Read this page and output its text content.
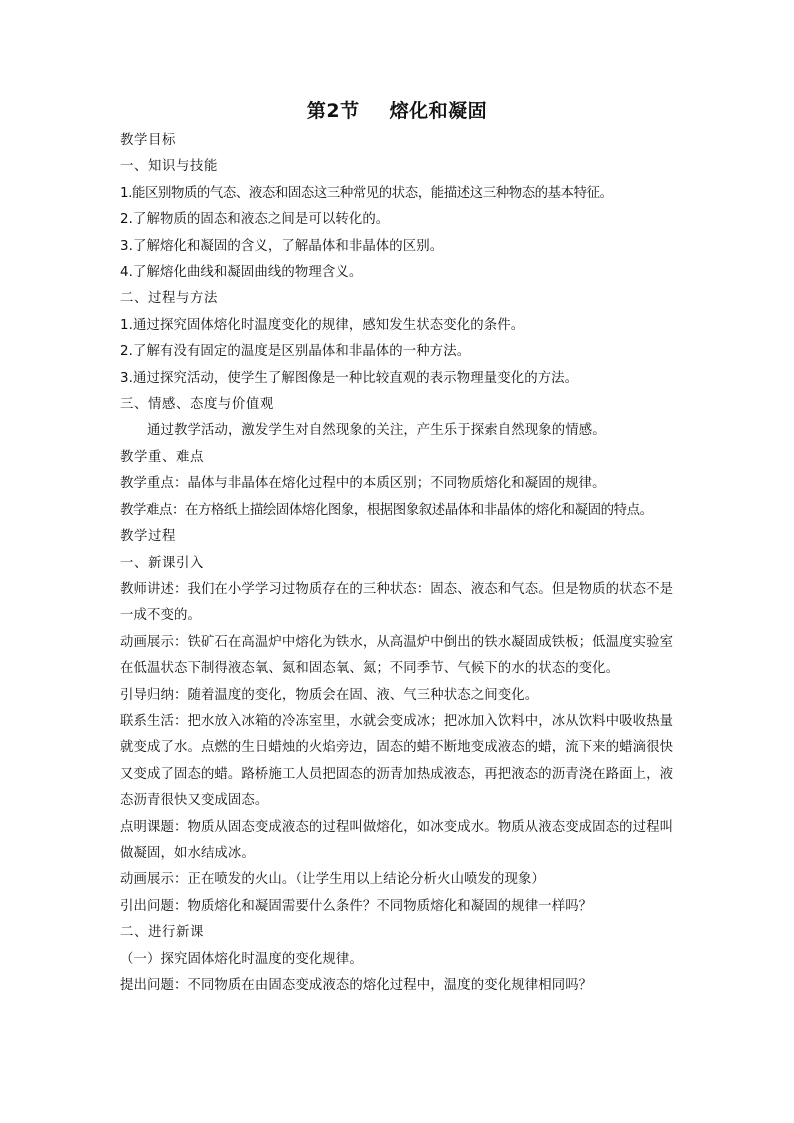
第2节 熔化和凝固

教学目标

一、知识与技能

1.能区别物质的气态、液态和固态这三种常见的状态，能描述这三种物态的基本特征。

2.了解物质的固态和液态之间是可以转化的。

3.了解熔化和凝固的含义，了解晶体和非晶体的区别。

4.了解熔化曲线和凝固曲线的物理含义。

二、过程与方法

1.通过探究固体熔化时温度变化的规律，感知发生状态变化的条件。

2.了解有没有固定的温度是区别晶体和非晶体的一种方法。

3.通过探究活动，使学生了解图像是一种比较直观的表示物理量变化的方法。

三、情感、态度与价值观

通过教学活动，激发学生对自然现象的关注，产生乐于探索自然现象的情感。

教学重、难点

教学重点：晶体与非晶体在熔化过程中的本质区别；不同物质熔化和凝固的规律。

教学难点：在方格纸上描绘固体熔化图象，根据图象叙述晶体和非晶体的熔化和凝固的特点。

教学过程

一、新课引入

教师讲述：我们在小学学习过物质存在的三种状态：固态、液态和气态。但是物质的状态不是一成不变的。

动画展示：铁矿石在高温炉中熔化为铁水，从高温炉中倒出的铁水凝固成铁板；低温度实验室在低温状态下制得液态氧、氮和固态氧、氮；不同季节、气候下的水的状态的变化。

引导归纳：随着温度的变化，物质会在固、液、气三种状态之间变化。

联系生活：把水放入冰箱的冷冻室里，水就会变成冰；把冰加入饮料中，冰从饮料中吸收热量就变成了水。点燃的生日蜡烛的火焰旁边，固态的蜡不断地变成液态的蜡，流下来的蜡滴很快又变成了固态的蜡。路桥施工人员把固态的沥青加热成液态，再把液态的沥青浇在路面上，液态沥青很快又变成固态。

点明课题：物质从固态变成液态的过程叫做熔化，如冰变成水。物质从液态变成固态的过程叫做凝固，如水结成冰。

动画展示：正在喷发的火山。（让学生用以上结论分析火山喷发的现象）

引出问题：物质熔化和凝固需要什么条件？不同物质熔化和凝固的规律一样吗？

二、进行新课

（一）探究固体熔化时温度的变化规律。

提出问题：不同物质在由固态变成液态的熔化过程中，温度的变化规律相同吗？
